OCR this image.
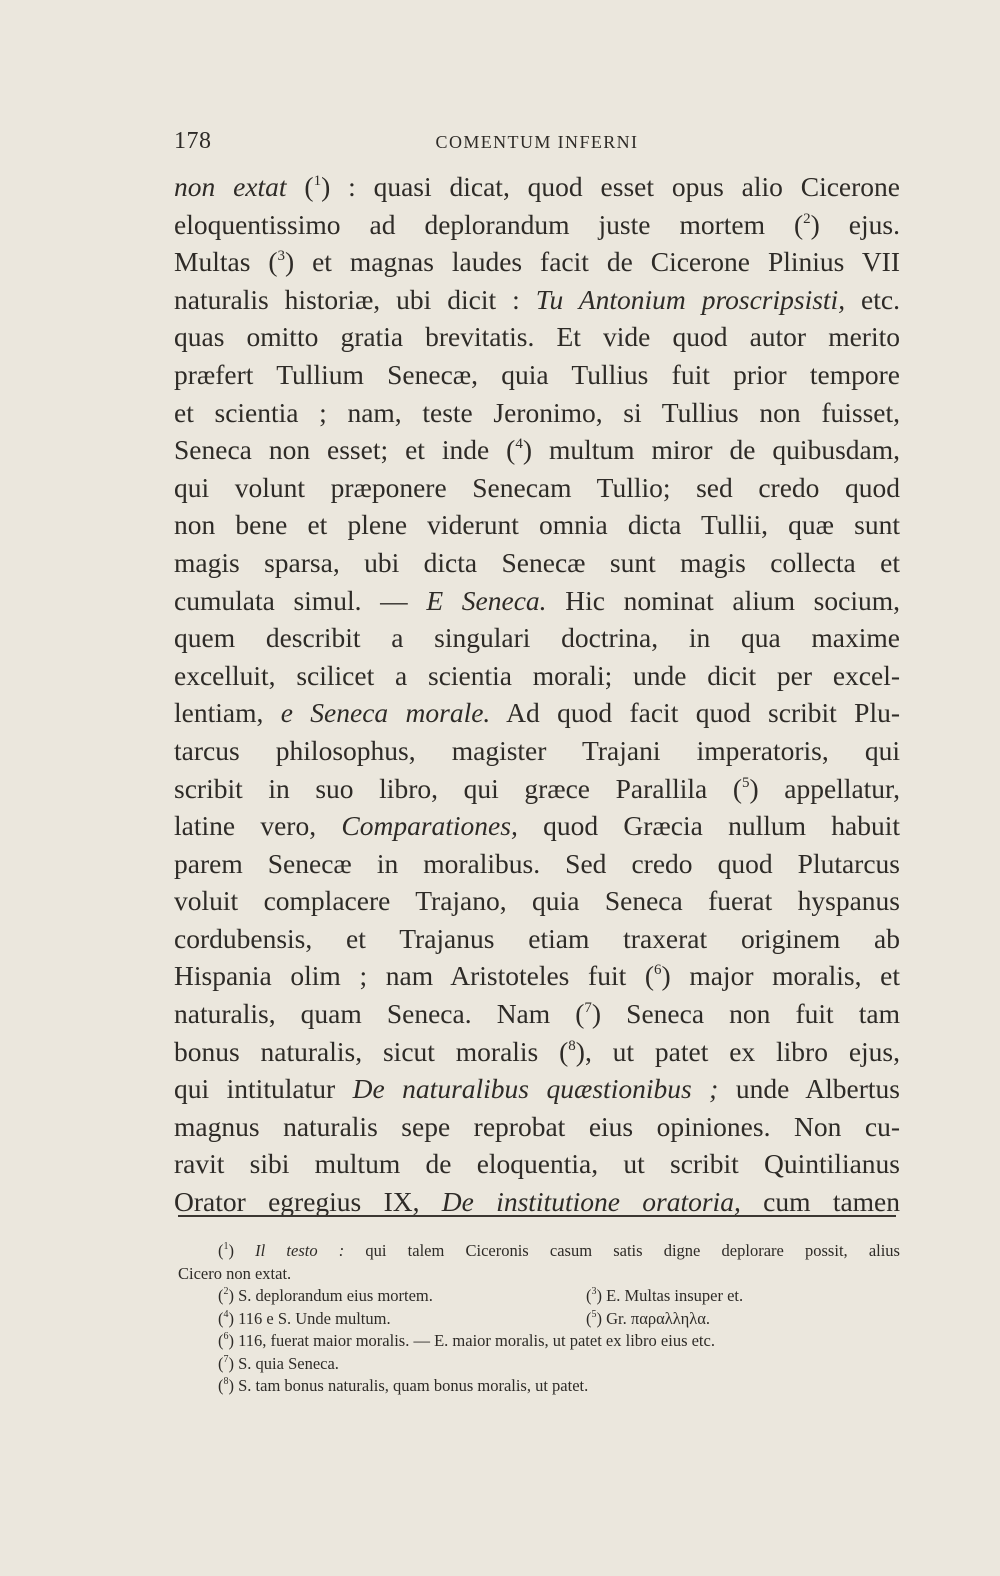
178	COMENTUM INFERNI
non extat ($^1$) : quasi dicat, quod esset opus alio Cicerone
eloquentissimo ad deplorandum juste mortem ($^2$) ejus.
Multas ($^3$) et magnas laudes facit de Cicerone Plinius VII
naturalis historiæ, ubi dicit : Tu Antonium proscripsisti, etc.
quas omitto gratia brevitatis. Et vide quod autor merito
præfert Tullium Senecæ, quia Tullius fuit prior tempore
et scientia ; nam, teste Jeronimo, si Tullius non fuisset,
Seneca non esset; et inde ($^4$) multum miror de quibusdam,
qui volunt præponere Senecam Tullio; sed credo quod
non bene et plene viderunt omnia dicta Tullii, quæ sunt
magis sparsa, ubi dicta Senecæ sunt magis collecta et
cumulata simul. — E Seneca. Hic nominat alium socium,
quem describit a singulari doctrina, in qua maxime
excelluit, scilicet a scientia morali; unde dicit per excel-
lentiam, e Seneca morale. Ad quod facit quod scribit Plu-
tarcus philosophus, magister Trajani imperatoris, qui
scribit in suo libro, qui græce Parallila ($^5$) appellatur,
latine vero, Comparationes, quod Græcia nullum habuit
parem Senecæ in moralibus. Sed credo quod Plutarcus
voluit complacere Trajano, quia Seneca fuerat hyspanus
cordubensis, et Trajanus etiam traxerat originem ab
Hispania olim ; nam Aristoteles fuit ($^6$) major moralis, et
naturalis, quam Seneca. Nam ($^7$) Seneca non fuit tam
bonus naturalis, sicut moralis ($^8$), ut patet ex libro ejus,
qui intitulatur De naturalibus quæstionibus ; unde Albertus
magnus naturalis sepe reprobat eius opiniones. Non cu-
ravit sibi multum de eloquentia, ut scribit Quintilianus
Orator egregius IX, De institutione oratoria, cum tamen
($^1$) Il testo : qui talem Ciceronis casum satis digne deplorare possit, alius
Cicero non extat.
($^2$) S. deplorandum eius mortem.	($^3$) E. Multas insuper et.
($^4$) 116 e S. Unde multum.	($^5$) Gr. παραλληλα.
($^6$) 116, fuerat maior moralis. — E. maior moralis, ut patet ex libro eius etc.
($^7$) S. quia Seneca.
($^8$) S. tam bonus naturalis, quam bonus moralis, ut patet.
